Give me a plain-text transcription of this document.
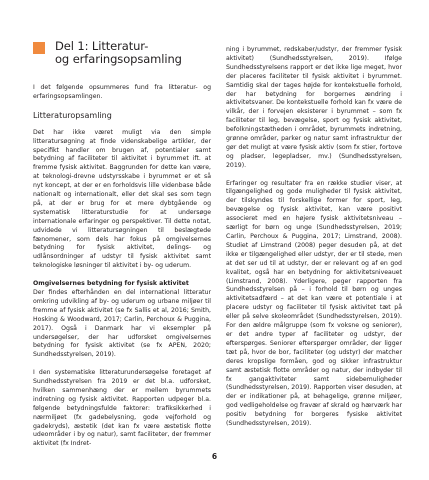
Del 1: Litteratur-
og erfaringsopsamling

I det følgende opsummeres fund fra litteratur- og erfaringsopsamlingen.

Litteraturopsamling

Det har ikke været muligt via den simple litteratursøgning at finde videnskabelige artikler, der specifikt handler om brugen af, potentialer samt betydning af faciliteter til aktivitet i byrummet ift. at fremme fysisk aktivitet. Baggrunden for dette kan være, at teknologi-drevne udstyrsskabe i byrummet er et så nyt koncept, at der er en forholdsvis lille videnbase både nationalt og internationalt, eller det skal ses som tegn på, at der er brug for et mere dybtgående og systematisk litteraturstudie for at undersøge internationale erfaringer og perspektiver. Til dette notat, udvidede vi litteratursøgningen til beslægtede fænomener, som dels har fokus på omgivelsernes betydning for fysisk aktivitet, delings- og udlånsordninger af udstyr til fysisk aktivitet samt teknologiske løsninger til aktivitet i by- og uderum.

Omgivelsernes betydning for fysisk aktivitet

Der findes efterhånden en del international litteratur omkring udvikling af by- og uderum og urbane miljøer til fremme af fysisk aktivitet (se fx Sallis et al, 2016; Smith, Hosking & Woodward, 2017; Carlin, Perchoux & Puggina, 2017). Også i Danmark har vi eksempler på undersøgelser, der har udforsket omgivelsernes betydning for fysisk aktivitet (se fx APEN, 2020; Sundhedsstyrelsen, 2019).

I den systematiske litteraturundersøgelse foretaget af Sundhedsstyrelsen fra 2019 er det bl.a. udforsket, hvilken sammenhæng der er mellem byrummets indretning og fysisk aktivitet. Rapporten udpeger bl.a. følgende betydningsfulde faktorer: trafiksikkerhed i nærmiljøet (fx gadebelysning, gode vejforhold og gadekryds), æstetik (det kan fx være æstetisk flotte udeområder i by og natur), samt faciliteter, der fremmer aktivitet (fx Indret-

ning i byrummet, redskaber/udstyr, der fremmer fysisk aktivitet) (Sundhedsstyrelsen, 2019). Ifølge Sundhedsstyrelsens rapport er det ikke lige meget, hvor der placeres faciliteter til fysisk aktivitet i byrummet. Samtidig skal der tages højde for kontekstuelle forhold, der har betydning for borgernes ændring i aktivitetsvaner. De kontekstuelle forhold kan fx være de vilkår, der i forvejen eksisterer i byrummet – som fx faciliteter til leg, bevægelse, sport og fysisk aktivitet, befolkningstætheden i området, byrummets indretning, grønne områder, parker og natur samt infrastruktur der gør det muligt at være fysisk aktiv (som fx stier, fortove og pladser, legepladser, mv.) (Sundhedsstyrelsen, 2019).

Erfaringer og resultater fra en række studier viser, at tilgængelighed og gode muligheder til fysisk aktivitet, der tilskyndes til forskellige former for sport, leg, bevægelse og fysisk aktivitet, kan være positivt associeret med en højere fysisk aktivitetsniveau – særligt for børn og unge (Sundhedsstyrelsen, 2019; Carlin, Perchoux & Puggina, 2017; Limstrand, 2008). Studiet af Limstrand (2008) peger desuden på, at det ikke er tilgængelighed eller udstyr, der er til stede, men at det ser ud til at udstyr, der er relevant og af en god kvalitet, også har en betydning for aktivitetsniveauet (Limstrand, 2008). Yderligere, peger rapporten fra Sundhedsstyrelsen på – i forhold til børn og unges aktivitetsadfærd – at det kan være et potentiale i at placere udstyr og faciliteter til fysisk aktivitet tæt på eller på selve skoleområdet (Sundhedsstyrelsen, 2019). For den ældre målgruppe (som fx voksne og seniorer), er det andre typer af faciliteter og udstyr, der efterspørges. Seniorer efterspørger områder, der ligger tæt på, hvor de bor, faciliteter (og udstyr) der matcher deres kropslige formåen, god og sikker infrastruktur samt æstetisk flotte områder og natur, der indbyder til fx gangaktiviteter samt sidebemuligheder (Sundhedsstyrelsen, 2019). Rapporten viser desuden, at der er indikationer på, at behagelige, grønne miljøer, god vedligeholdelse og fravær af skrald og hærværk har positiv betydning for borgeres fysiske aktivitet (Sundhedsstyrelsen, 2019).

6
